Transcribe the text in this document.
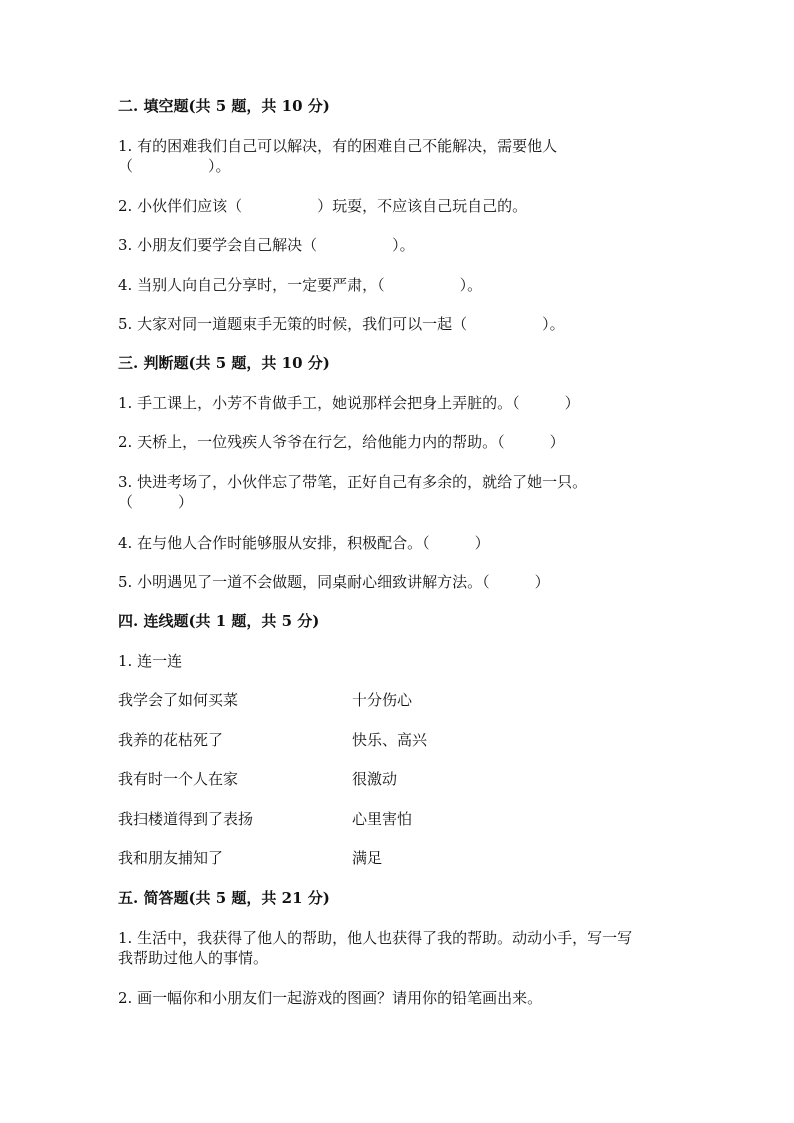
二. 填空题(共 5 题，共 10 分)

1. 有的困难我们自己可以解决，有的困难自己不能解决，需要他人

（　　　　　）。

2. 小伙伴们应该（　　　　　）玩耍，不应该自己玩自己的。

3. 小朋友们要学会自己解决（　　　　　）。

4. 当别人向自己分享时，一定要严肃，（　　　　　）。

5. 大家对同一道题束手无策的时候，我们可以一起（　　　　　）。

三. 判断题(共 5 题，共 10 分)

1. 手工课上，小芳不肯做手工，她说那样会把身上弄脏的。（　　　）

2. 天桥上，一位残疾人爷爷在行乞，给他能力内的帮助。（　　　）

3. 快进考场了，小伙伴忘了带笔，正好自己有多余的，就给了她一只。

（　　　）

4. 在与他人合作时能够服从安排，积极配合。（　　　）

5. 小明遇见了一道不会做题，同桌耐心细致讲解方法。（　　　）

四. 连线题(共 1 题，共 5 分)

1. 连一连

我学会了如何买菜	十分伤心

我养的花枯死了	快乐、高兴

我有时一个人在家	很激动

我扫楼道得到了表扬	心里害怕

我和朋友捕知了	满足

五. 简答题(共 5 题，共 21 分)

1. 生活中，我获得了他人的帮助，他人也获得了我的帮助。动动小手，写一写

我帮助过他人的事情。

2. 画一幅你和小朋友们一起游戏的图画？请用你的铅笔画出来。
